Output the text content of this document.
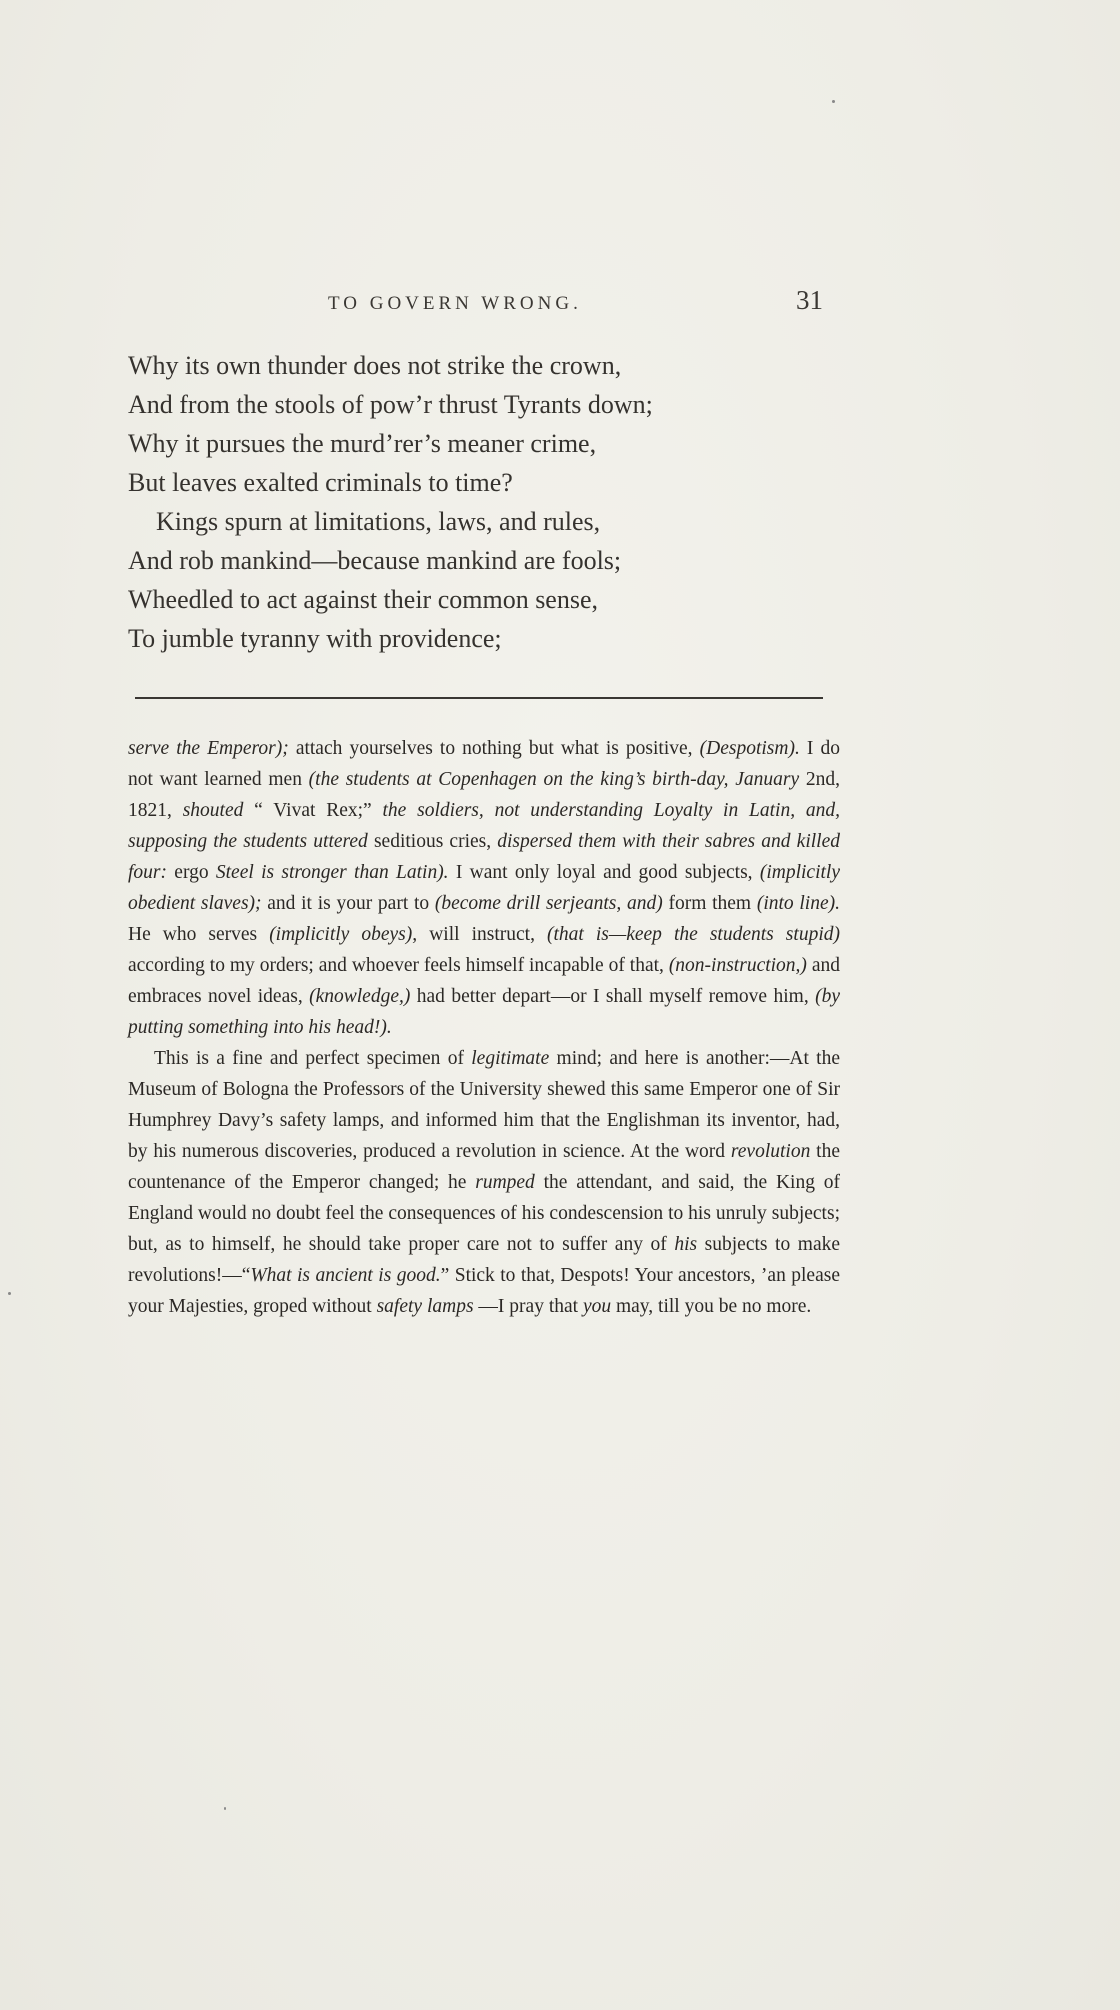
TO GOVERN WRONG.	31
Why its own thunder does not strike the crown,
And from the stools of pow’r thrust Tyrants down;
Why it pursues the murd’rer’s meaner crime,
But leaves exalted criminals to time?
Kings spurn at limitations, laws, and rules,
And rob mankind—because mankind are fools;
Wheedled to act against their common sense,
To jumble tyranny with providence;

serve the Emperor); attach yourselves to nothing but what is positive, (Despotism). I do not want learned men (the students at Copenhagen on the king’s birth-day, January 2nd, 1821, shouted “ Vivat Rex;” the soldiers, not understanding Loyalty in Latin, and, supposing the students uttered seditious cries, dispersed them with their sabres and killed four: ergo Steel is stronger than Latin). I want only loyal and good subjects, (implicitly obedient slaves); and it is your part to (become drill serjeants, and) form them (into line). He who serves (implicitly obeys), will instruct, (that is—keep the students stupid) according to my orders; and whoever feels himself incapable of that, (non-instruction,) and embraces novel ideas, (knowledge,) had better depart—or I shall myself remove him, (by putting something into his head!).

This is a fine and perfect specimen of legitimate mind; and here is another:—At the Museum of Bologna the Professors of the University shewed this same Emperor one of Sir Humphrey Davy’s safety lamps, and informed him that the Englishman its inventor, had, by his numerous discoveries, produced a revolution in science. At the word revolution the countenance of the Emperor changed; he rumped the attendant, and said, the King of England would no doubt feel the consequences of his condescension to his unruly subjects; but, as to himself, he should take proper care not to suffer any of his subjects to make revolutions!—“What is ancient is good.” Stick to that, Despots! Your ancestors, ’an please your Majesties, groped without safety lamps —I pray that you may, till you be no more.
